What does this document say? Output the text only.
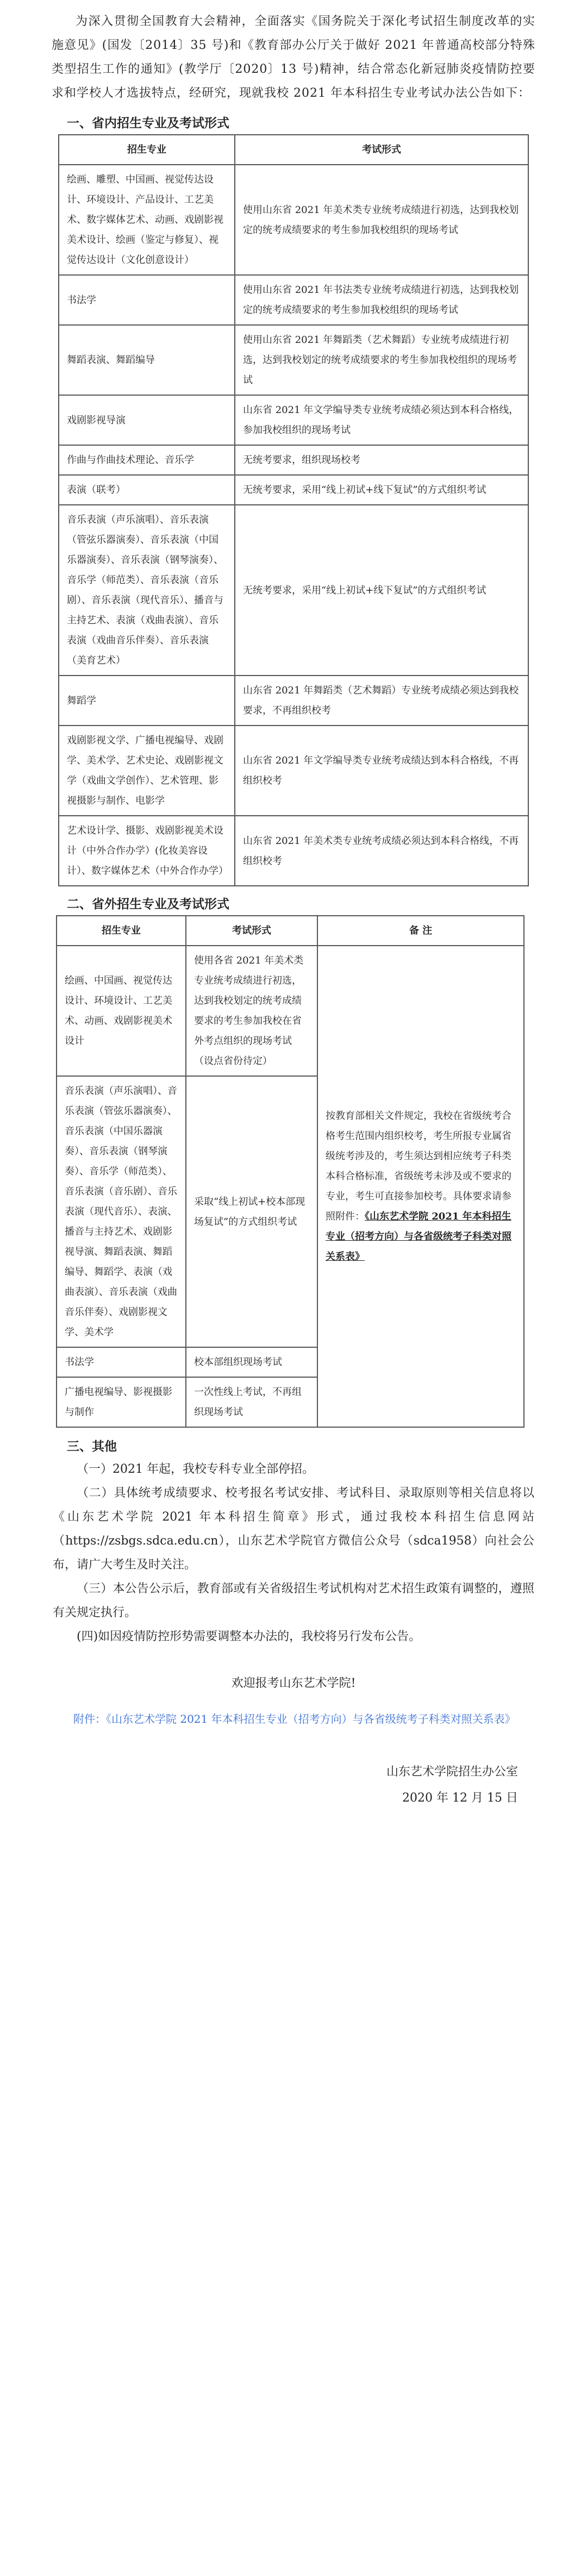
为深入贯彻全国教育大会精神，全面落实《国务院关于深化考试招生制度改革的实施意见》(国发〔2014〕35 号)和《教育部办公厅关于做好 2021 年普通高校部分特殊类型招生工作的通知》(教学厅〔2020〕13 号)精神，结合常态化新冠肺炎疫情防控要求和学校人才选拔特点，经研究，现就我校 2021 年本科招生专业考试办法公告如下：

一、省内招生专业及考试形式
招生专业	考试形式
绘画、雕塑、中国画、视觉传达设计、环境设计、产品设计、工艺美术、数字媒体艺术、动画、戏剧影视美术设计、绘画（鉴定与修复）、视觉传达设计（文化创意设计）	使用山东省 2021 年美术类专业统考成绩进行初选，达到我校划定的统考成绩要求的考生参加我校组织的现场考试
书法学	使用山东省 2021 年书法类专业统考成绩进行初选，达到我校划定的统考成绩要求的考生参加我校组织的现场考试
舞蹈表演、舞蹈编导	使用山东省 2021 年舞蹈类（艺术舞蹈）专业统考成绩进行初选，达到我校划定的统考成绩要求的考生参加我校组织的现场考试
戏剧影视导演	山东省 2021 年文学编导类专业统考成绩必须达到本科合格线，参加我校组织的现场考试
作曲与作曲技术理论、音乐学	无统考要求，组织现场校考
表演（联考）	无统考要求，采用“线上初试+线下复试”的方式组织考试
音乐表演（声乐演唱）、音乐表演（管弦乐器演奏）、音乐表演（中国乐器演奏）、音乐表演（钢琴演奏）、音乐学（师范类）、音乐表演（音乐剧）、音乐表演（现代音乐）、播音与主持艺术、表演（戏曲表演）、音乐表演（戏曲音乐伴奏）、音乐表演（美育艺术）	无统考要求，采用“线上初试+线下复试”的方式组织考试
舞蹈学	山东省 2021 年舞蹈类（艺术舞蹈）专业统考成绩必须达到我校要求，不再组织校考
戏剧影视文学、广播电视编导、戏剧学、美术学、艺术史论、戏剧影视文学（戏曲文学创作）、艺术管理、影视摄影与制作、电影学	山东省 2021 年文学编导类专业统考成绩达到本科合格线，不再组织校考
艺术设计学、摄影、戏剧影视美术设计（中外合作办学）(化妆美容设计）、数字媒体艺术（中外合作办学）	山东省 2021 年美术类专业统考成绩必须达到本科合格线，不再组织校考
二、省外招生专业及考试形式
招生专业	考试形式	备 注
绘画、中国画、视觉传达设计、环境设计、工艺美术、动画、戏剧影视美术设计	使用各省 2021 年美术类专业统考成绩进行初选，达到我校划定的统考成绩要求的考生参加我校在省外考点组织的现场考试（设点省份待定）	按教育部相关文件规定，我校在省级统考合格考生范围内组织校考，考生所报专业属省级统考涉及的，考生须达到相应统考子科类本科合格标准，省级统考未涉及或不要求的专业，考生可直接参加校考。具体要求请参照附件：《山东艺术学院 2021 年本科招生专业（招考方向）与各省级统考子科类对照关系表》
音乐表演（声乐演唱）、音乐表演（管弦乐器演奏）、音乐表演（中国乐器演奏）、音乐表演（钢琴演奏）、音乐学（师范类）、音乐表演（音乐剧）、音乐表演（现代音乐）、表演、播音与主持艺术、戏剧影视导演、舞蹈表演、舞蹈编导、舞蹈学、表演（戏曲表演）、音乐表演（戏曲音乐伴奏）、戏剧影视文学、美术学	采取“线上初试+校本部现场复试”的方式组织考试	
书法学	校本部组织现场考试	
广播电视编导、影视摄影与制作	一次性线上考试，不再组织现场考试	
三、其他

（一）2021 年起，我校专科专业全部停招。

（二）具体统考成绩要求、校考报名考试安排、考试科目、录取原则等相关信息将以《山东艺术学院 2021 年本科招生简章》形式，通过我校本科招生信息网站（https://zsbgs.sdca.edu.cn），山东艺术学院官方微信公众号（sdca1958）向社会公布，请广大考生及时关注。

（三）本公告公示后，教育部或有关省级招生考试机构对艺术招生政策有调整的，遵照有关规定执行。

(四)如因疫情防控形势需要调整本办法的，我校将另行发布公告。

欢迎报考山东艺术学院!

附件：《山东艺术学院 2021 年本科招生专业（招考方向）与各省级统考子科类对照关系表》

山东艺术学院招生办公室
2020 年 12 月 15 日
